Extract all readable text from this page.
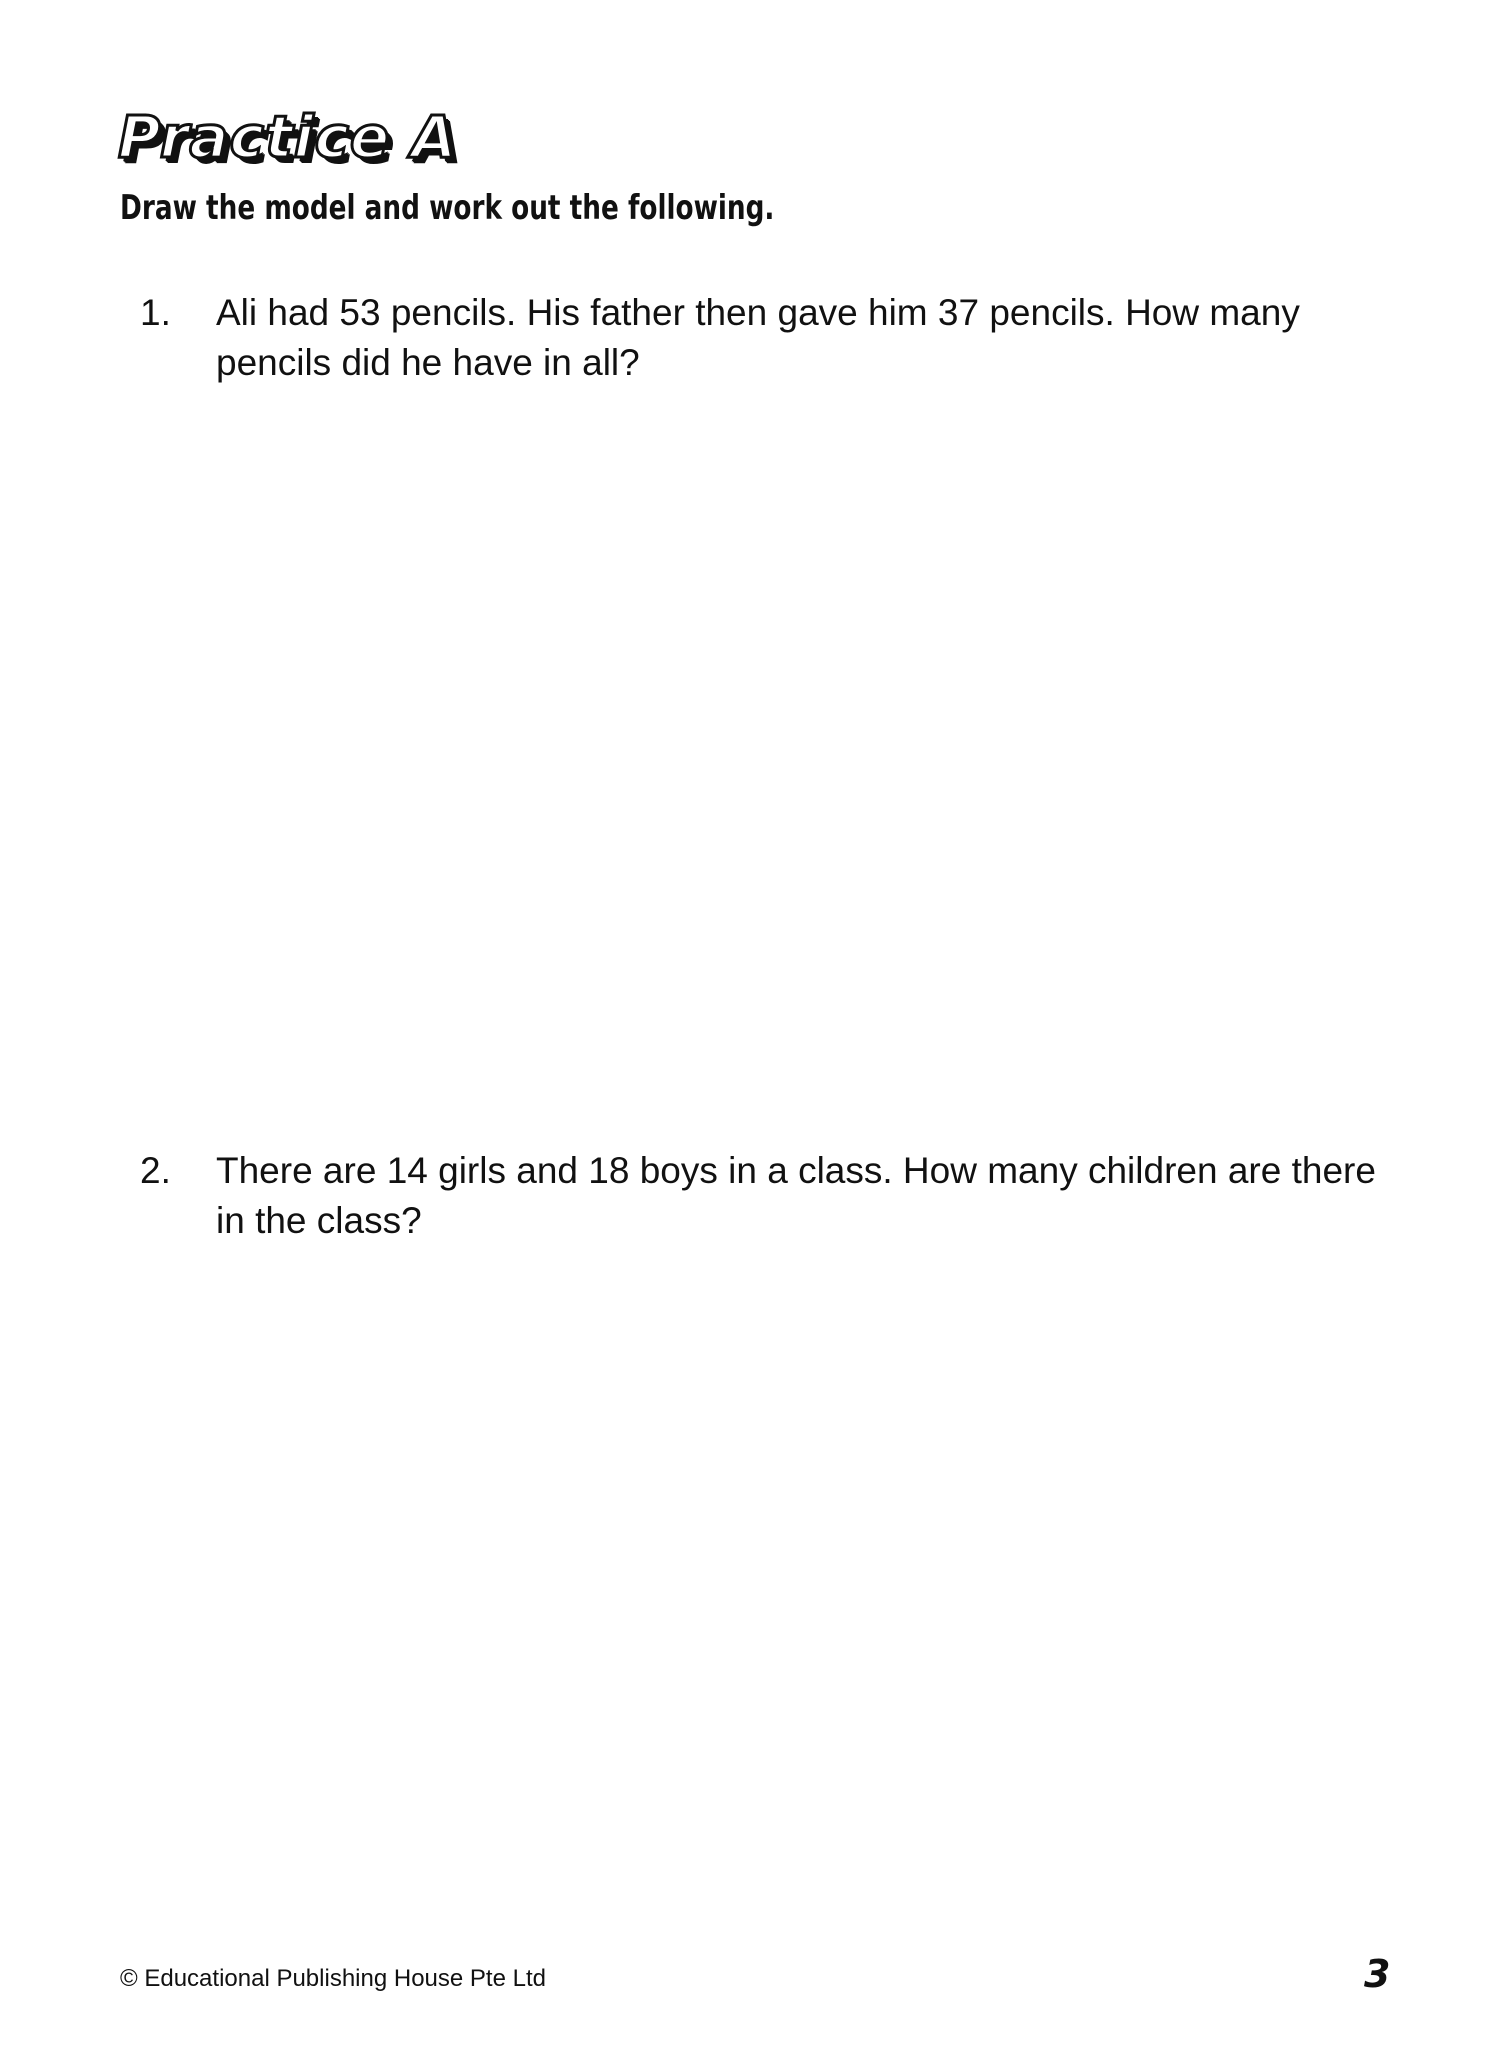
Practice A
Draw the model and work out the following.
1.	Ali had 53 pencils. His father then gave him 37 pencils. How many pencils did he have in all?
2.	There are 14 girls and 18 boys in a class. How many children are there in the class?
© Educational Publishing House Pte Ltd	3
